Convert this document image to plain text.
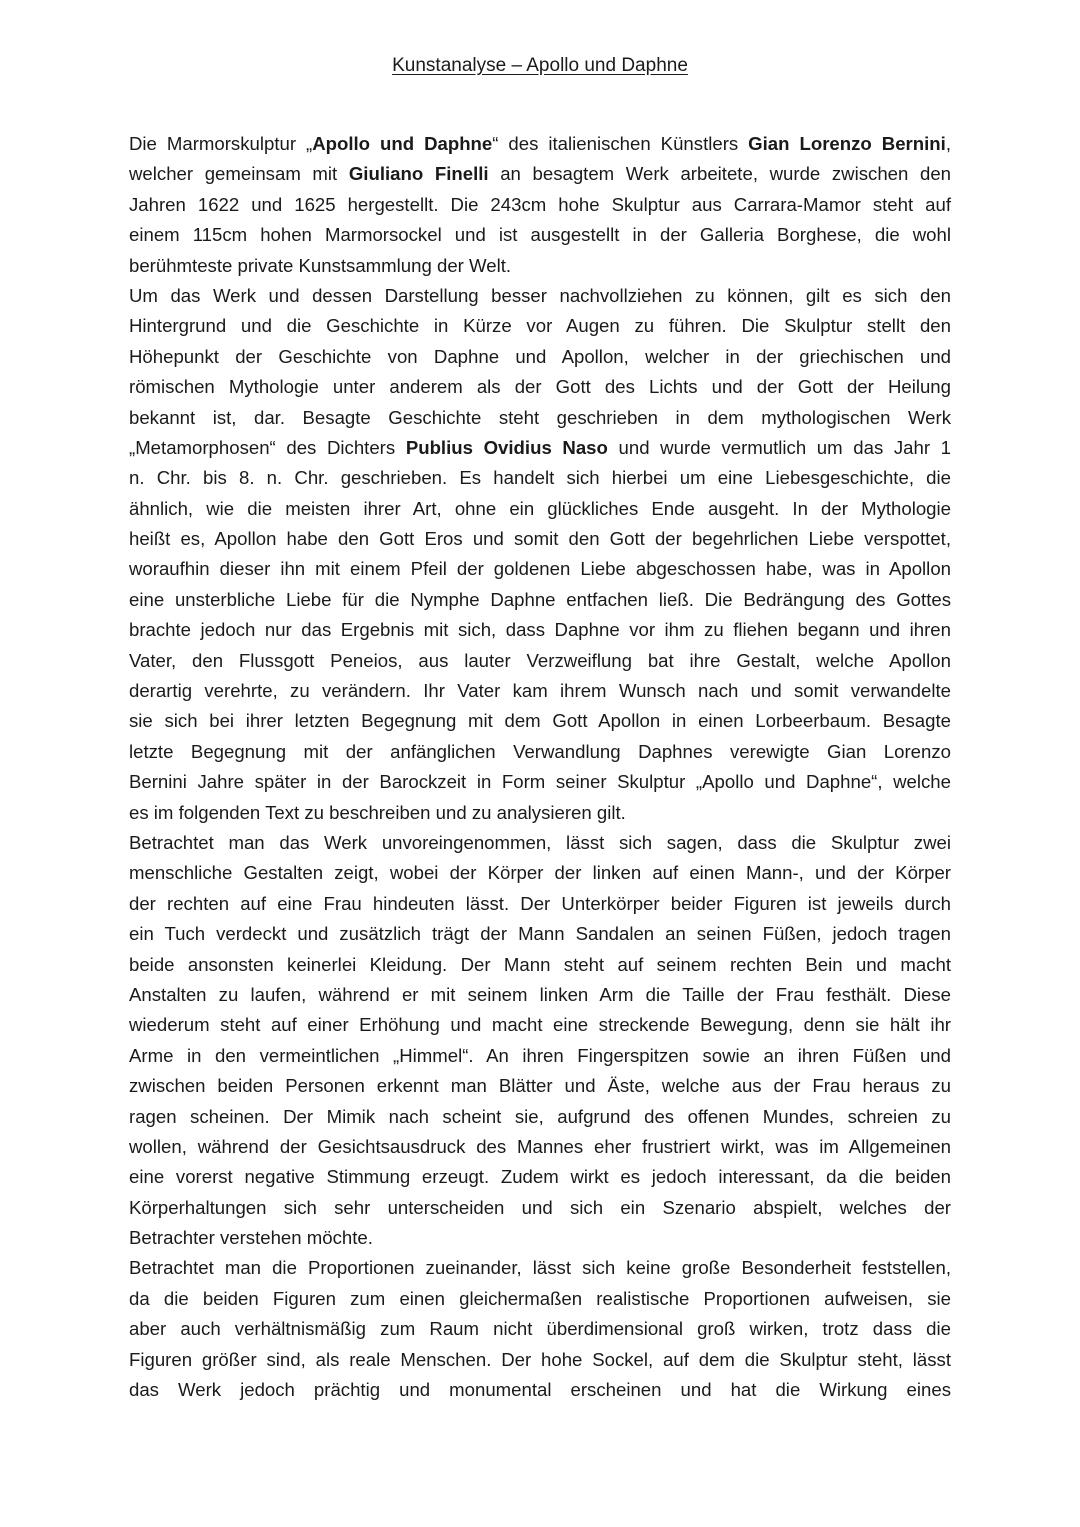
Kunstanalyse – Apollo und Daphne
Die Marmorskulptur „Apollo und Daphne“ des italienischen Künstlers Gian Lorenzo Bernini,
welcher gemeinsam mit Giuliano Finelli an besagtem Werk arbeitete, wurde zwischen den
Jahren 1622 und 1625 hergestellt. Die 243cm hohe Skulptur aus Carrara-Mamor steht auf
einem 115cm hohen Marmorsockel und ist ausgestellt in der Galleria Borghese, die wohl
berühmteste private Kunstsammlung der Welt.
Um das Werk und dessen Darstellung besser nachvollziehen zu können, gilt es sich den
Hintergrund und die Geschichte in Kürze vor Augen zu führen. Die Skulptur stellt den
Höhepunkt der Geschichte von Daphne und Apollon, welcher in der griechischen und
römischen Mythologie unter anderem als der Gott des Lichts und der Gott der Heilung
bekannt ist, dar. Besagte Geschichte steht geschrieben in dem mythologischen Werk
„Metamorphosen“ des Dichters Publius Ovidius Naso und wurde vermutlich um das Jahr 1
n. Chr. bis 8. n. Chr. geschrieben. Es handelt sich hierbei um eine Liebesgeschichte, die
ähnlich, wie die meisten ihrer Art, ohne ein glückliches Ende ausgeht. In der Mythologie
heißt es, Apollon habe den Gott Eros und somit den Gott der begehrlichen Liebe verspottet,
woraufhin dieser ihn mit einem Pfeil der goldenen Liebe abgeschossen habe, was in Apollon
eine unsterbliche Liebe für die Nymphe Daphne entfachen ließ. Die Bedrängung des Gottes
brachte jedoch nur das Ergebnis mit sich, dass Daphne vor ihm zu fliehen begann und ihren
Vater, den Flussgott Peneios, aus lauter Verzweiflung bat ihre Gestalt, welche Apollon
derartig verehrte, zu verändern. Ihr Vater kam ihrem Wunsch nach und somit verwandelte
sie sich bei ihrer letzten Begegnung mit dem Gott Apollon in einen Lorbeerbaum. Besagte
letzte Begegnung mit der anfänglichen Verwandlung Daphnes verewigte Gian Lorenzo
Bernini Jahre später in der Barockzeit in Form seiner Skulptur „Apollo und Daphne“, welche
es im folgenden Text zu beschreiben und zu analysieren gilt.
Betrachtet man das Werk unvoreingenommen, lässt sich sagen, dass die Skulptur zwei
menschliche Gestalten zeigt, wobei der Körper der linken auf einen Mann-, und der Körper
der rechten auf eine Frau hindeuten lässt. Der Unterkörper beider Figuren ist jeweils durch
ein Tuch verdeckt und zusätzlich trägt der Mann Sandalen an seinen Füßen, jedoch tragen
beide ansonsten keinerlei Kleidung. Der Mann steht auf seinem rechten Bein und macht
Anstalten zu laufen, während er mit seinem linken Arm die Taille der Frau festhält. Diese
wiederum steht auf einer Erhöhung und macht eine streckende Bewegung, denn sie hält ihr
Arme in den vermeintlichen „Himmel“. An ihren Fingerspitzen sowie an ihren Füßen und
zwischen beiden Personen erkennt man Blätter und Äste, welche aus der Frau heraus zu
ragen scheinen. Der Mimik nach scheint sie, aufgrund des offenen Mundes, schreien zu
wollen, während der Gesichtsausdruck des Mannes eher frustriert wirkt, was im Allgemeinen
eine vorerst negative Stimmung erzeugt. Zudem wirkt es jedoch interessant, da die beiden
Körperhaltungen sich sehr unterscheiden und sich ein Szenario abspielt, welches der
Betrachter verstehen möchte.
Betrachtet man die Proportionen zueinander, lässt sich keine große Besonderheit feststellen,
da die beiden Figuren zum einen gleichermaßen realistische Proportionen aufweisen, sie
aber auch verhältnismäßig zum Raum nicht überdimensional groß wirken, trotz dass die
Figuren größer sind, als reale Menschen. Der hohe Sockel, auf dem die Skulptur steht, lässt
das Werk jedoch prächtig und monumental erscheinen und hat die Wirkung eines
